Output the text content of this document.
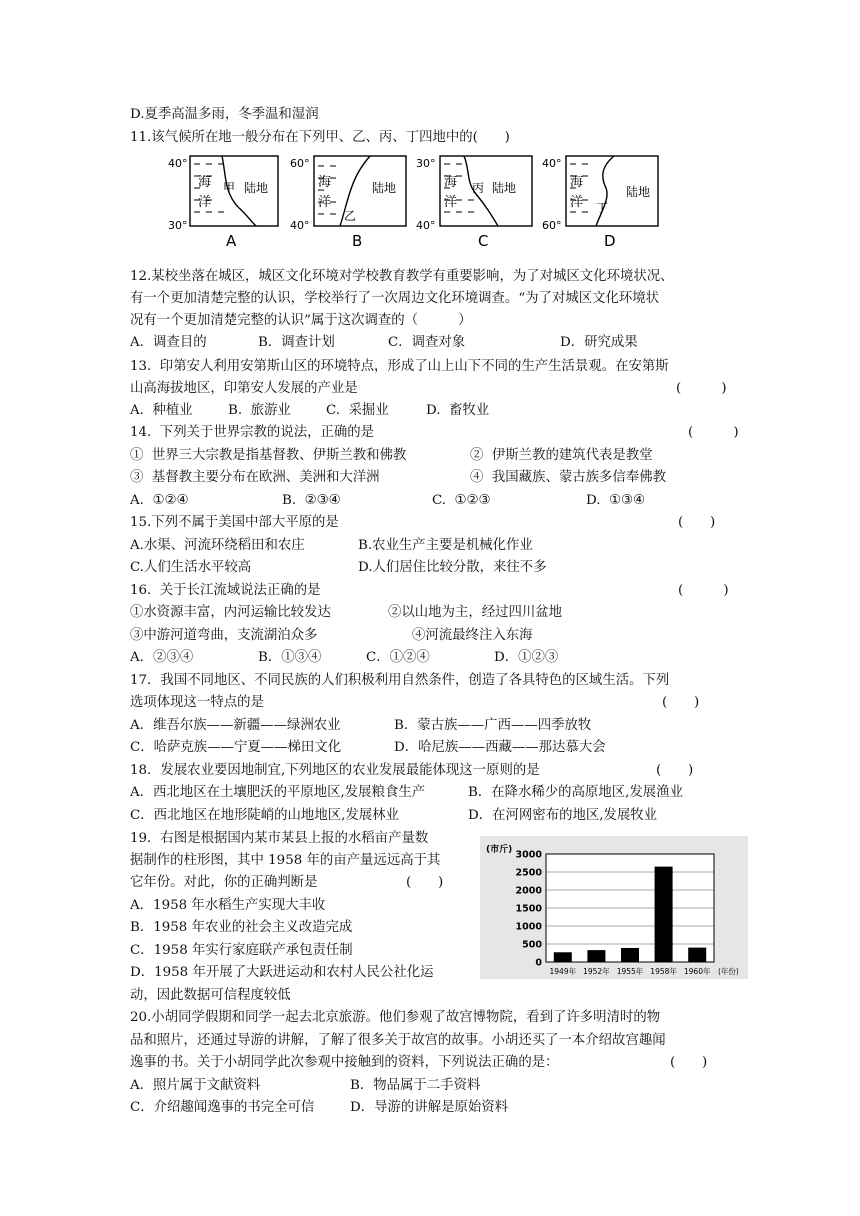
D.夏季高温多雨，冬季温和湿润
11.该气候所在地一般分布在下列甲、乙、丙、丁四地中的(　　)
40°
30°
海
洋
甲 陆地
A
60°
40°
海
洋
乙
陆地
B
30°
40°
海
洋
丙 陆地
C
40°
60°
海
洋 丁
陆地
D
12.某校坐落在城区，城区文化环境对学校教育教学有重要影响，为了对城区文化环境状况、
有一个更加清楚完整的认识，学校举行了一次周边文化环境调查。“为了对城区文化环境状
况有一个更加清楚完整的认识”属于这次调查的（　　　）
A．调查目的	B．调查计划	C．调查对象	D．研究成果
13.  印第安人利用安第斯山区的环境特点，形成了山上山下不同的生产生活景观。在安第斯
山高海拔地区，印第安人发展的产业是	(　　　)
A.  种植业	B.  旅游业	C.  采掘业	D.  畜牧业
14.  下列关于世界宗教的说法，正确的是	(　　　)
①  世界三大宗教是指基督教、伊斯兰教和佛教	②  伊斯兰教的建筑代表是教堂
③  基督教主要分布在欧洲、美洲和大洋洲	④  我国藏族、蒙古族多信奉佛教
A.  ①②④	B.  ②③④	C.  ①②③	D.  ①③④
15.下列不属于美国中部大平原的是	(　　)
A.水渠、河流环绕稻田和农庄	B.农业生产主要是机械化作业
C.人们生活水平较高	D.人们居住比较分散，来往不多
16.  关于长江流域说法正确的是	(　　　)
①水资源丰富，内河运输比较发达	②以山地为主，经过四川盆地
③中游河道弯曲，支流湖泊众多	④河流最终注入东海
A．②③④	B．①③④	C．①②④	D．①②③
17．我国不同地区、不同民族的人们积极利用自然条件，创造了各具特色的区域生活。下列
选项体现这一特点的是	(　　)
A．维吾尔族——新疆——绿洲农业	B．蒙古族——广西——四季放牧
C．哈萨克族——宁夏——梯田文化	D．哈尼族——西藏——那达慕大会
18．发展农业要因地制宜,下列地区的农业发展最能体现这一原则的是	(　　)
A．西北地区在土壤肥沃的平原地区,发展粮食生产	B．在降水稀少的高原地区,发展渔业
C．西北地区在地形陡峭的山地地区,发展林业	D．在河网密布的地区,发展牧业
19．右图是根据国内某市某县上报的水稻亩产量数
据制作的柱形图，其中 1958 年的亩产量远远高于其
它年份。对此，你的正确判断是	(　　)
A．1958 年水稻生产实现大丰收
B．1958 年农业的社会主义改造完成
C．1958 年实行家庭联产承包责任制
D．1958 年开展了大跃进运动和农村人民公社化运
动，因此数据可信程度较低
0
500
1000
1500
2000
2500
3000
(市斤)
1949年 1952年 1955年 1958年 1960年 (年份)
20.小胡同学假期和同学一起去北京旅游。他们参观了故宫博物院，看到了许多明清时的物
品和照片，还通过导游的讲解，了解了很多关于故宫的故事。小胡还买了一本介绍故宫趣闻
逸事的书。关于小胡同学此次参观中接触到的资料，下列说法正确的是：	(　　)
A．照片属于文献资料	B．物品属于二手资料
C．介绍趣闻逸事的书完全可信	D．导游的讲解是原始资料
